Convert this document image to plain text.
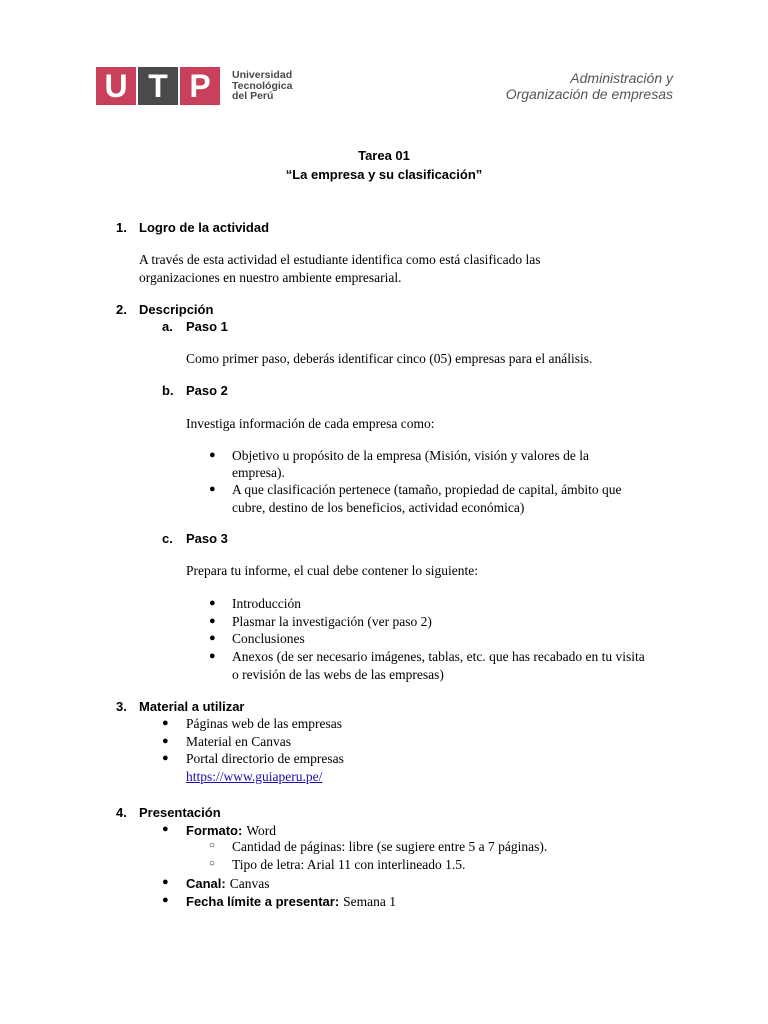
U T P	Universidad
Tecnológica
del Perú
Administración y
Organización de empresas
Tarea 01
“La empresa y su clasificación”
1. Logro de la actividad
A través de esta actividad el estudiante identifica como está clasificado las
organizaciones en nuestro ambiente empresarial.
2. Descripción
a. Paso 1
Como primer paso, deberás identificar cinco (05) empresas para el análisis.
b. Paso 2
Investiga información de cada empresa como:
● Objetivo u propósito de la empresa (Misión, visión y valores de la
empresa).
● A que clasificación pertenece (tamaño, propiedad de capital, ámbito que
cubre, destino de los beneficios, actividad económica)
c. Paso 3
Prepara tu informe, el cual debe contener lo siguiente:
● Introducción
● Plasmar la investigación (ver paso 2)
● Conclusiones
● Anexos (de ser necesario imágenes, tablas, etc. que has recabado en tu visita
o revisión de las webs de las empresas)
3. Material a utilizar
● Páginas web de las empresas
● Material en Canvas
● Portal directorio de empresas
https://www.guiaperu.pe/
4. Presentación
● Formato: Word
○ Cantidad de páginas: libre (se sugiere entre 5 a 7 páginas).
○ Tipo de letra: Arial 11 con interlineado 1.5.
● Canal: Canvas
● Fecha límite a presentar: Semana 1
